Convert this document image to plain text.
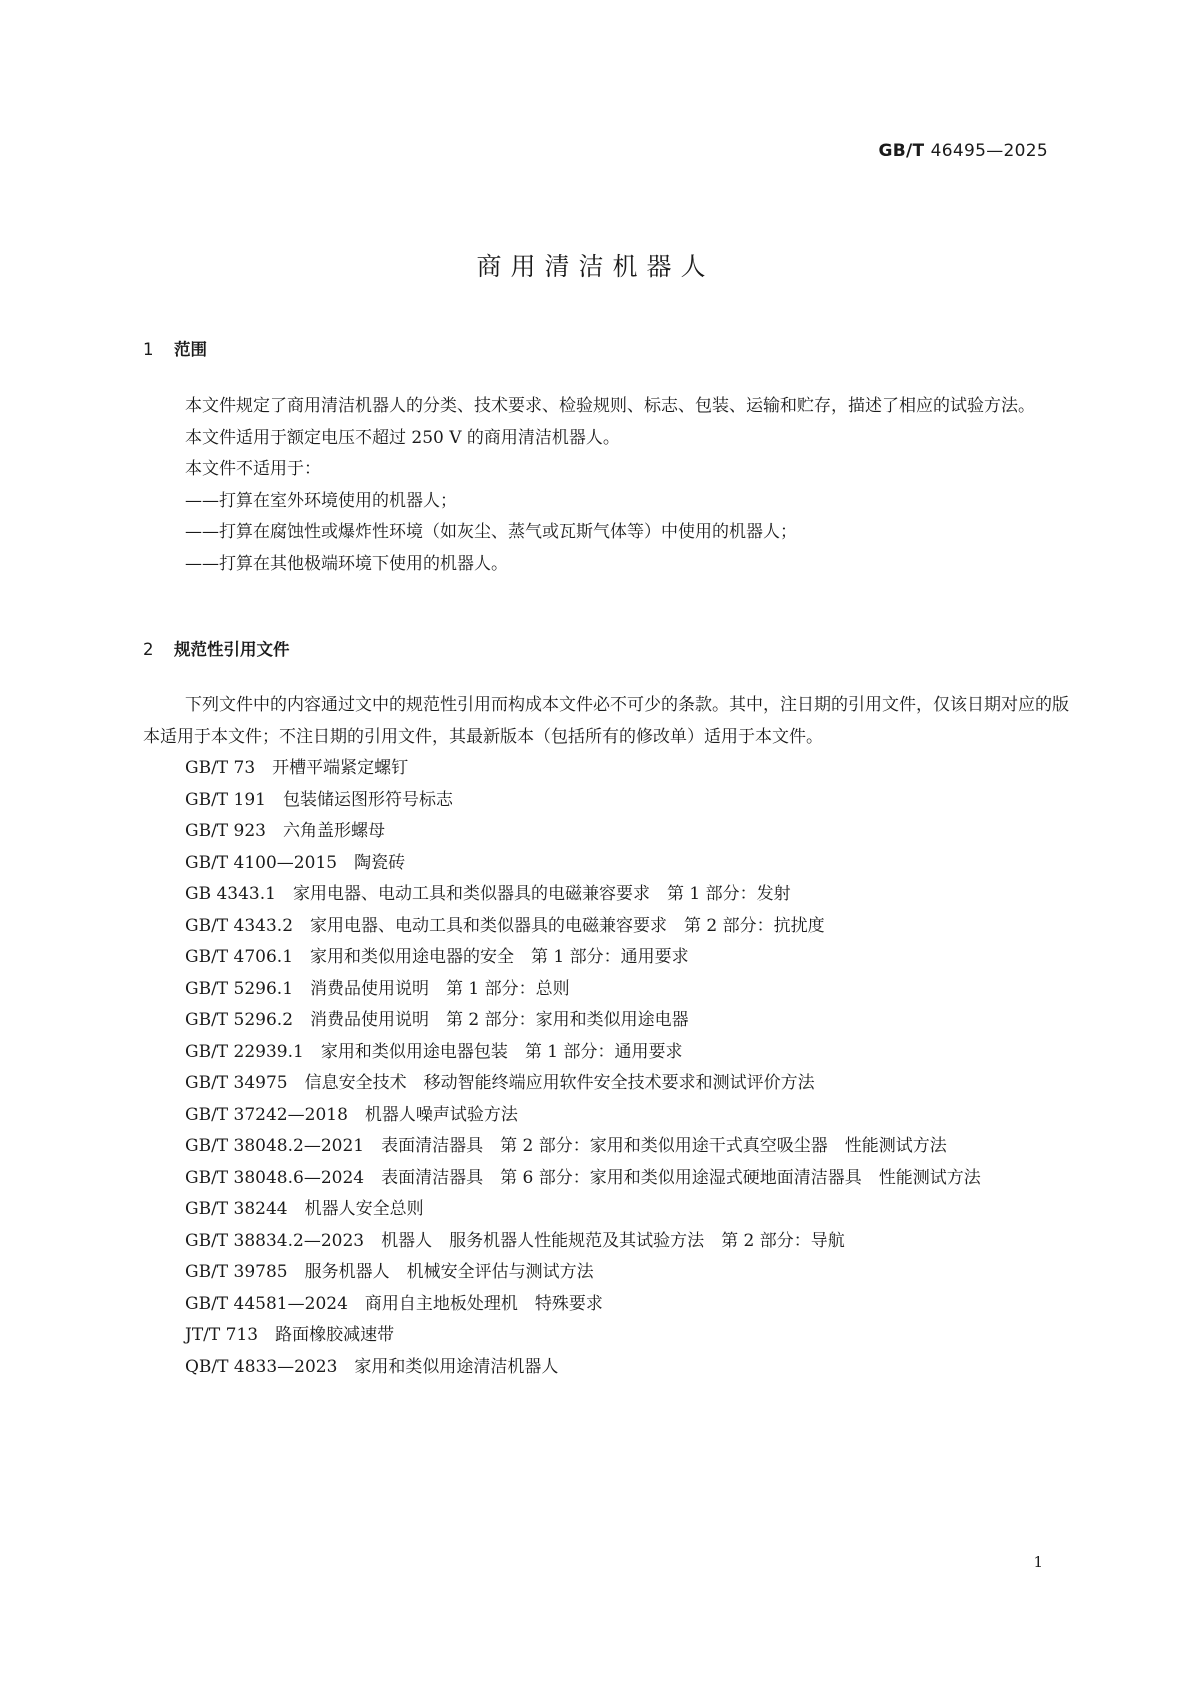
GB/T 46495—2025

商用清洁机器人
1 范围

本文件规定了商用清洁机器人的分类、技术要求、检验规则、标志、包装、运输和贮存，描述了相应的试验方法。

本文件适用于额定电压不超过 250 V 的商用清洁机器人。

本文件不适用于：

——打算在室外环境使用的机器人；

——打算在腐蚀性或爆炸性环境（如灰尘、蒸气或瓦斯气体等）中使用的机器人；

——打算在其他极端环境下使用的机器人。

2 规范性引用文件

下列文件中的内容通过文中的规范性引用而构成本文件必不可少的条款。其中，注日期的引用文件，仅该日期对应的版本适用于本文件；不注日期的引用文件，其最新版本（包括所有的修改单）适用于本文件。

GB/T 73　开槽平端紧定螺钉

GB/T 191　包装储运图形符号标志

GB/T 923　六角盖形螺母

GB/T 4100—2015　陶瓷砖

GB 4343.1　家用电器、电动工具和类似器具的电磁兼容要求　第 1 部分：发射

GB/T 4343.2　家用电器、电动工具和类似器具的电磁兼容要求　第 2 部分：抗扰度

GB/T 4706.1　家用和类似用途电器的安全　第 1 部分：通用要求

GB/T 5296.1　消费品使用说明　第 1 部分：总则

GB/T 5296.2　消费品使用说明　第 2 部分：家用和类似用途电器

GB/T 22939.1　家用和类似用途电器包装　第 1 部分：通用要求

GB/T 34975　信息安全技术　移动智能终端应用软件安全技术要求和测试评价方法

GB/T 37242—2018　机器人噪声试验方法

GB/T 38048.2—2021　表面清洁器具　第 2 部分：家用和类似用途干式真空吸尘器　性能测试方法

GB/T 38048.6—2024　表面清洁器具　第 6 部分：家用和类似用途湿式硬地面清洁器具　性能测试方法

GB/T 38244　机器人安全总则

GB/T 38834.2—2023　机器人　服务机器人性能规范及其试验方法　第 2 部分：导航

GB/T 39785　服务机器人　机械安全评估与测试方法

GB/T 44581—2024　商用自主地板处理机　特殊要求

JT/T 713　路面橡胶减速带

QB/T 4833—2023　家用和类似用途清洁机器人

1
